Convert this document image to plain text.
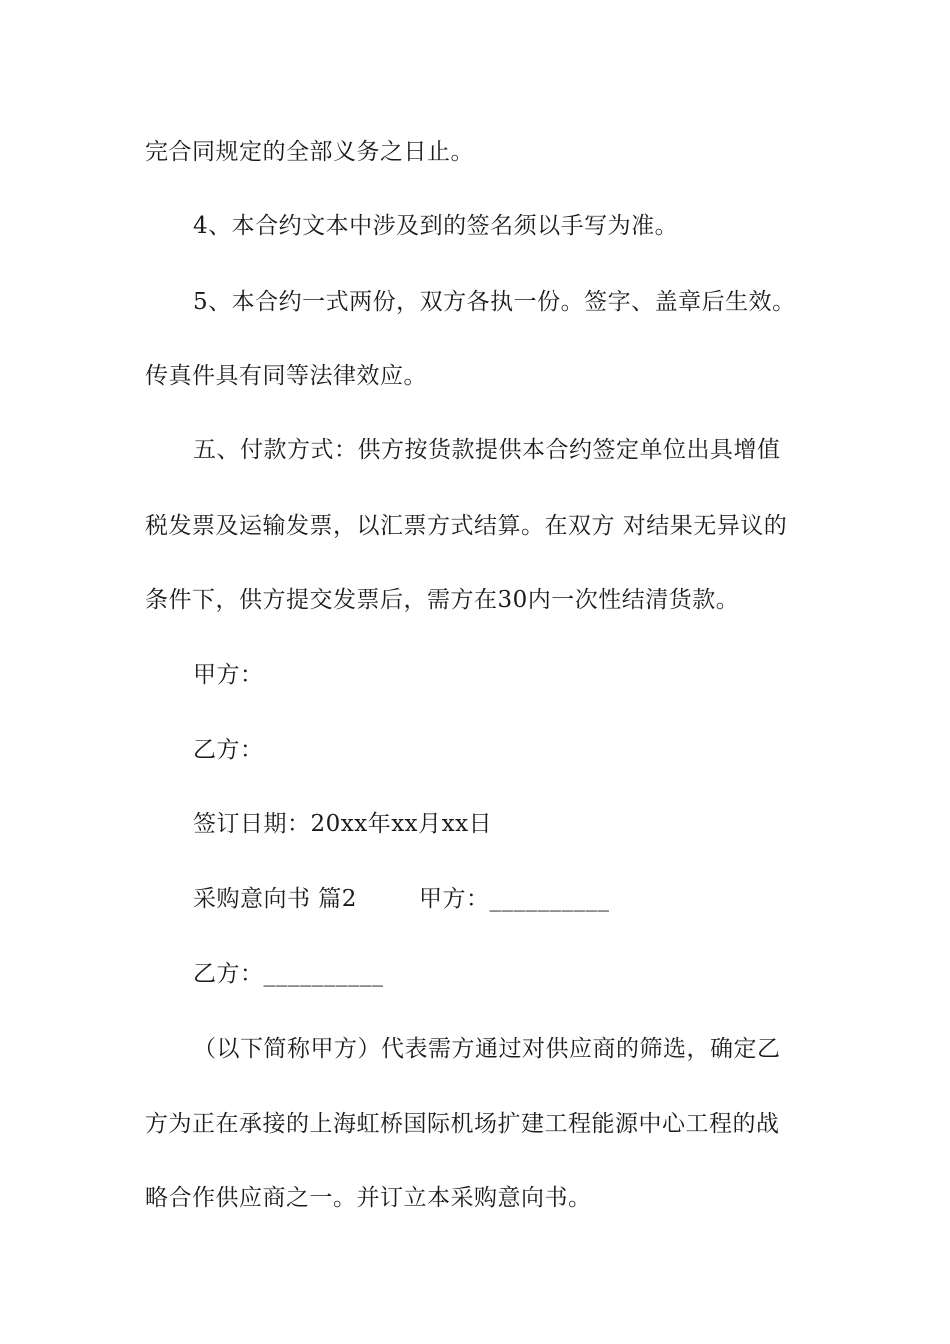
完合同规定的全部义务之日止。
4、本合约文本中涉及到的签名须以手写为准。
5、本合约一式两份，双方各执一份。签字、盖章后生效。
传真件具有同等法律效应。
五、付款方式：供方按货款提供本合约签定单位出具增值
税发票及运输发票，以汇票方式结算。在双方 对结果无异议的
条件下，供方提交发票后，需方在30内一次性结清货款。
甲方：
乙方：
签订日期：20xx年xx月xx日
采购意向书 篇2	甲方：__________
乙方：__________
（以下简称甲方）代表需方通过对供应商的筛选，确定乙
方为正在承接的上海虹桥国际机场扩建工程能源中心工程的战
略合作供应商之一。并订立本采购意向书。
